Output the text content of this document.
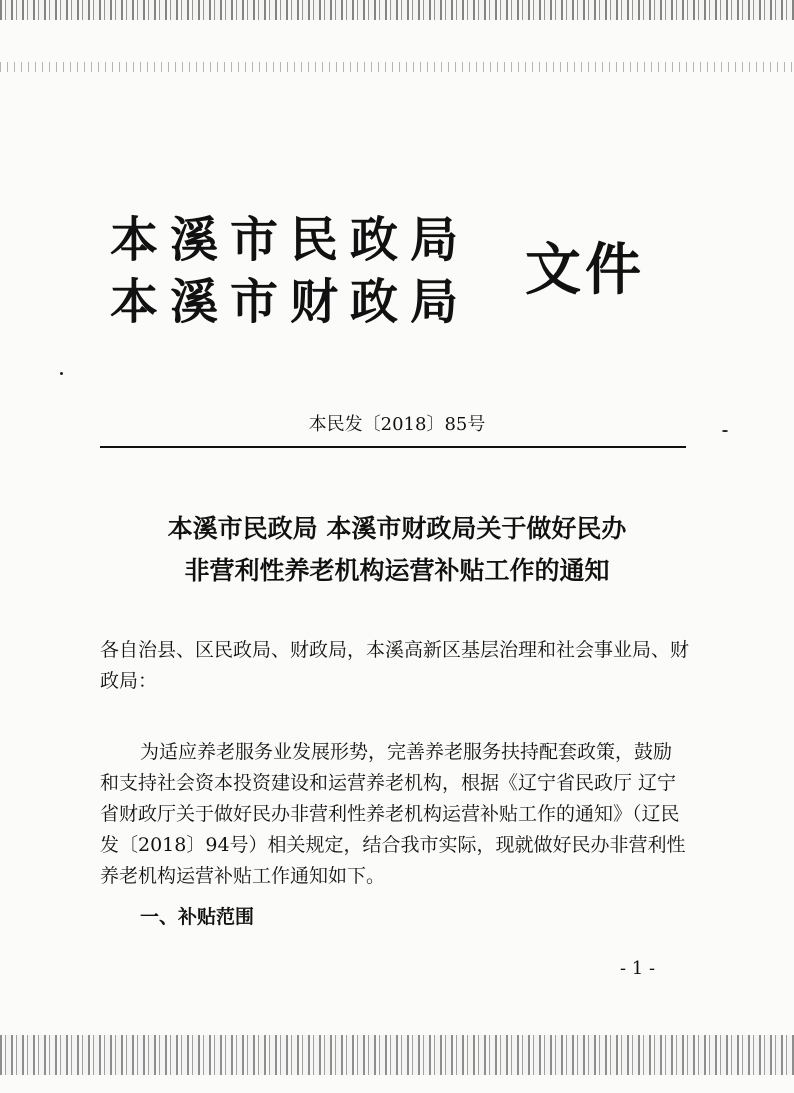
本溪市民政局
本溪市财政局 文件
本民发〔2018〕85号
本溪市民政局 本溪市财政局关于做好民办
非营利性养老机构运营补贴工作的通知

各自治县、区民政局、财政局，本溪高新区基层治理和社会事业局、财政局：

为适应养老服务业发展形势，完善养老服务扶持配套政策，鼓励和支持社会资本投资建设和运营养老机构，根据《辽宁省民政厅 辽宁省财政厅关于做好民办非营利性养老机构运营补贴工作的通知》（辽民发〔2018〕94号）相关规定，结合我市实际，现就做好民办非营利性养老机构运营补贴工作通知如下。

一、补贴范围
- 1 -
